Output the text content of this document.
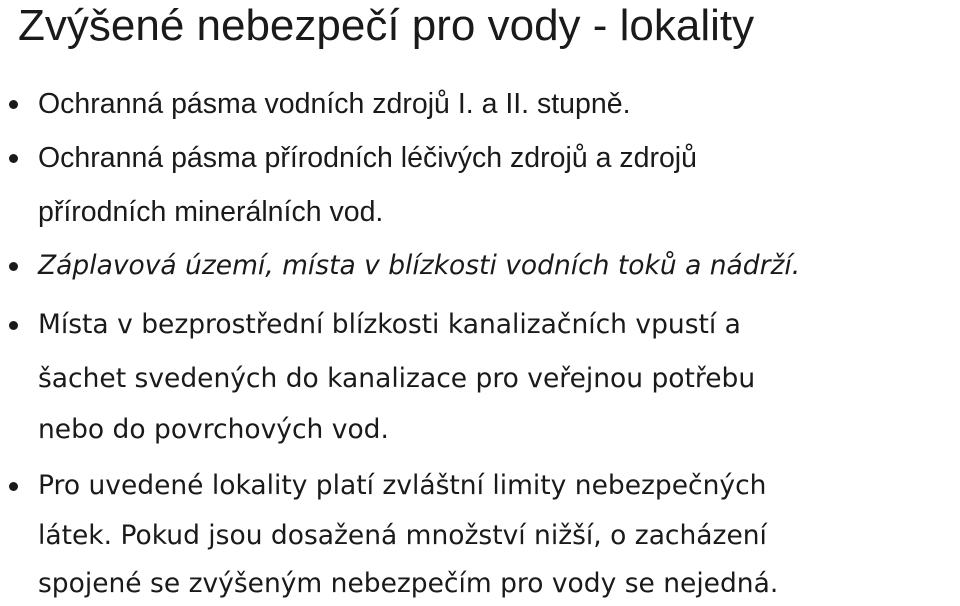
Zvýšené nebezpečí pro vody - lokality
Ochranná pásma vodních zdrojů I. a II. stupně.
Ochranná pásma přírodních léčivých zdrojů a zdrojů
přírodních minerálních vod.
Záplavová území, místa v blízkosti vodních toků a nádrží.
Místa v bezprostřední blízkosti kanalizačních vpustí a
šachet svedených do kanalizace pro veřejnou potřebu
nebo do povrchových vod.
Pro uvedené lokality platí zvláštní limity nebezpečných
látek. Pokud jsou dosažená množství nižší, o zacházení
spojené se zvýšeným nebezpečím pro vody se nejedná.
